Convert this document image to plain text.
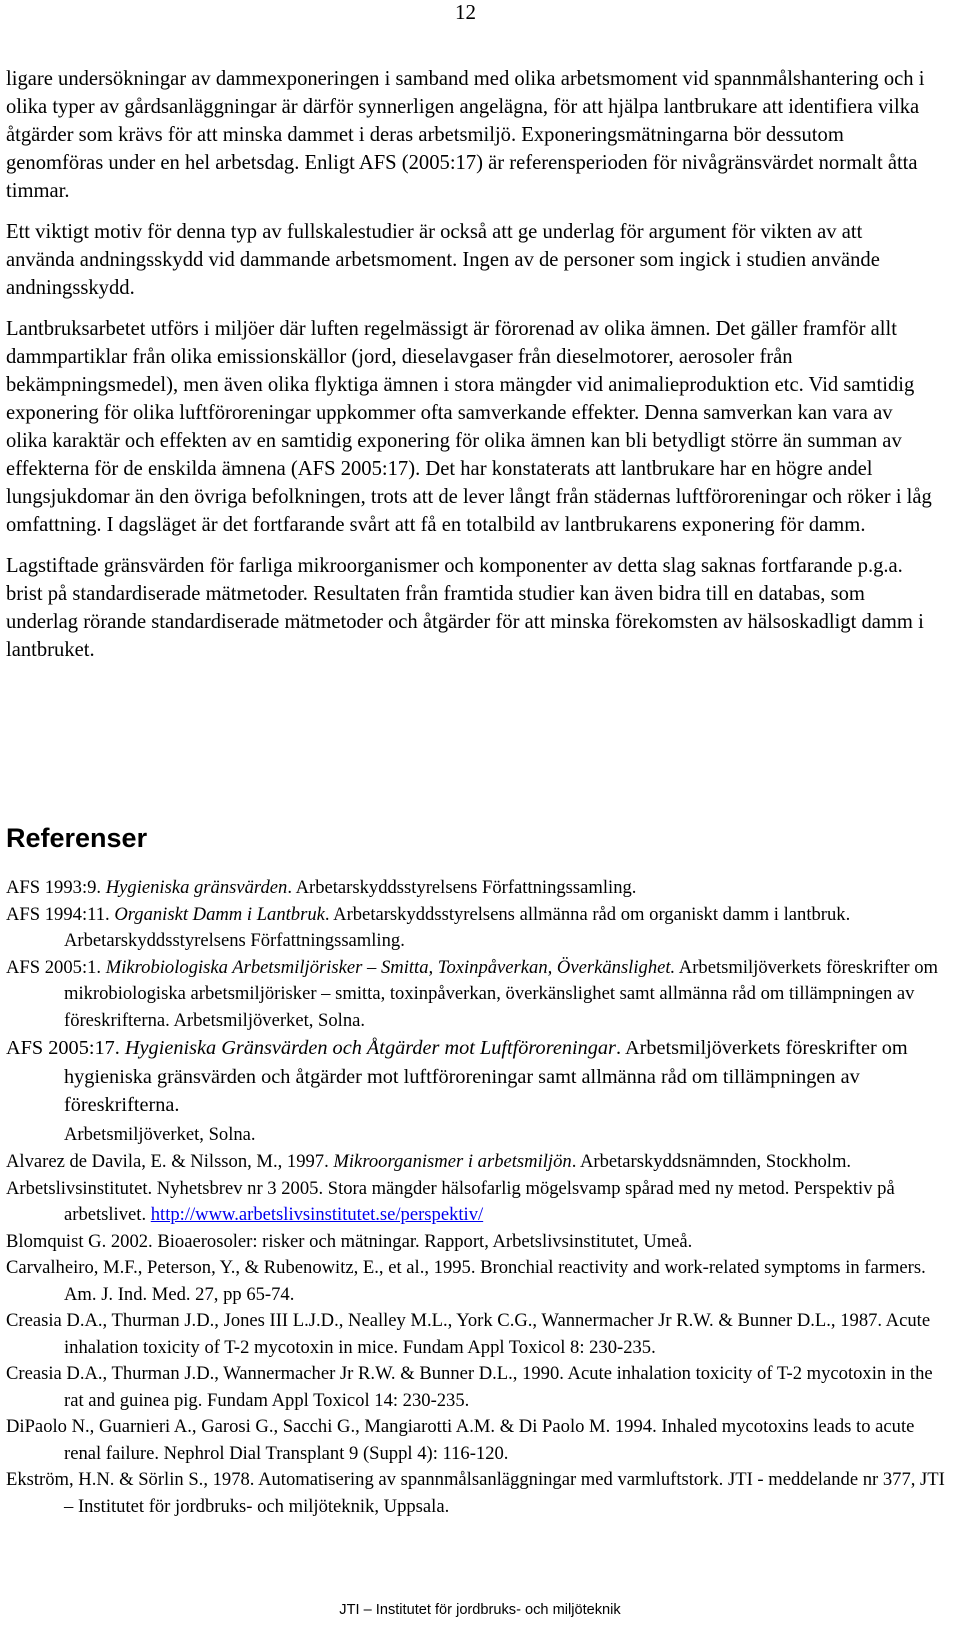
12

ligare undersökningar av dammexponeringen i samband med olika arbetsmoment vid spannmålshantering och i olika typer av gårdsanläggningar är därför synnerligen angelägna, för att hjälpa lantbrukare att identifiera vilka åtgärder som krävs för att minska dammet i deras arbetsmiljö. Exponeringsmätningarna bör dessutom genomföras under en hel arbetsdag. Enligt AFS (2005:17) är referensperioden för nivågränsvärdet normalt åtta timmar.

Ett viktigt motiv för denna typ av fullskalestudier är också att ge underlag för argument för vikten av att använda andningsskydd vid dammande arbetsmoment. Ingen av de personer som ingick i studien använde andningsskydd.

Lantbruksarbetet utförs i miljöer där luften regelmässigt är förorenad av olika ämnen. Det gäller framför allt dammpartiklar från olika emissionskällor (jord, dieselavgaser från dieselmotorer, aerosoler från bekämpningsmedel), men även olika flyktiga ämnen i stora mängder vid animalieproduktion etc. Vid samtidig exponering för olika luftföroreningar uppkommer ofta samverkande effekter. Denna samverkan kan vara av olika karaktär och effekten av en samtidig exponering för olika ämnen kan bli betydligt större än summan av effekterna för de enskilda ämnena (AFS 2005:17). Det har konstaterats att lantbrukare har en högre andel lungsjukdomar än den övriga befolkningen, trots att de lever långt från städernas luftföroreningar och röker i låg omfattning. I dagsläget är det fortfarande svårt att få en totalbild av lantbrukarens exponering för damm.

Lagstiftade gränsvärden för farliga mikroorganismer och komponenter av detta slag saknas fortfarande p.g.a. brist på standardiserade mätmetoder. Resultaten från framtida studier kan även bidra till en databas, som underlag rörande standardiserade mätmetoder och åtgärder för att minska förekomsten av hälsoskadligt damm i lantbruket.

Referenser

AFS 1993:9. Hygieniska gränsvärden. Arbetarskyddsstyrelsens Författningssamling.

AFS 1994:11. Organiskt Damm i Lantbruk. Arbetarskyddsstyrelsens allmänna råd om organiskt damm i lantbruk. Arbetarskyddsstyrelsens Författningssamling.

AFS 2005:1. Mikrobiologiska Arbetsmiljörisker – Smitta, Toxinpåverkan, Överkänslighet. Arbetsmiljöverkets föreskrifter om mikrobiologiska arbetsmiljörisker – smitta, toxinpåverkan, överkänslighet samt allmänna råd om tillämpningen av föreskrifterna. Arbetsmiljöverket, Solna.

AFS 2005:17. Hygieniska Gränsvärden och Åtgärder mot Luftföroreningar. Arbetsmiljöverkets föreskrifter om hygieniska gränsvärden och åtgärder mot luftföroreningar samt allmänna råd om tillämpningen av föreskrifterna.
Arbetsmiljöverket, Solna.

Alvarez de Davila, E. & Nilsson, M., 1997. Mikroorganismer i arbetsmiljön. Arbetarskyddsnämnden, Stockholm.

Arbetslivsinstitutet. Nyhetsbrev nr 3 2005. Stora mängder hälsofarlig mögelsvamp spårad med ny metod. Perspektiv på arbetslivet. http://www.arbetslivsinstitutet.se/perspektiv/

Blomquist G. 2002. Bioaerosoler: risker och mätningar. Rapport, Arbetslivsinstitutet, Umeå.

Carvalheiro, M.F., Peterson, Y., & Rubenowitz, E., et al., 1995. Bronchial reactivity and work-related symptoms in farmers. Am. J. Ind. Med. 27, pp 65-74.

Creasia D.A., Thurman J.D., Jones III L.J.D., Nealley M.L., York C.G., Wannermacher Jr R.W. & Bunner D.L., 1987. Acute inhalation toxicity of T-2 mycotoxin in mice. Fundam Appl Toxicol 8: 230-235.

Creasia D.A., Thurman J.D., Wannermacher Jr R.W. & Bunner D.L., 1990. Acute inhalation toxicity of T-2 mycotoxin in the rat and guinea pig. Fundam Appl Toxicol 14: 230-235.

DiPaolo N., Guarnieri A., Garosi G., Sacchi G., Mangiarotti A.M. & Di Paolo M. 1994. Inhaled mycotoxins leads to acute renal failure. Nephrol Dial Transplant 9 (Suppl 4): 116-120.

Ekström, H.N. & Sörlin S., 1978. Automatisering av spannmålsanläggningar med varmluftstork. JTI - meddelande nr 377, JTI – Institutet för jordbruks- och miljöteknik, Uppsala.

JTI – Institutet för jordbruks- och miljöteknik
